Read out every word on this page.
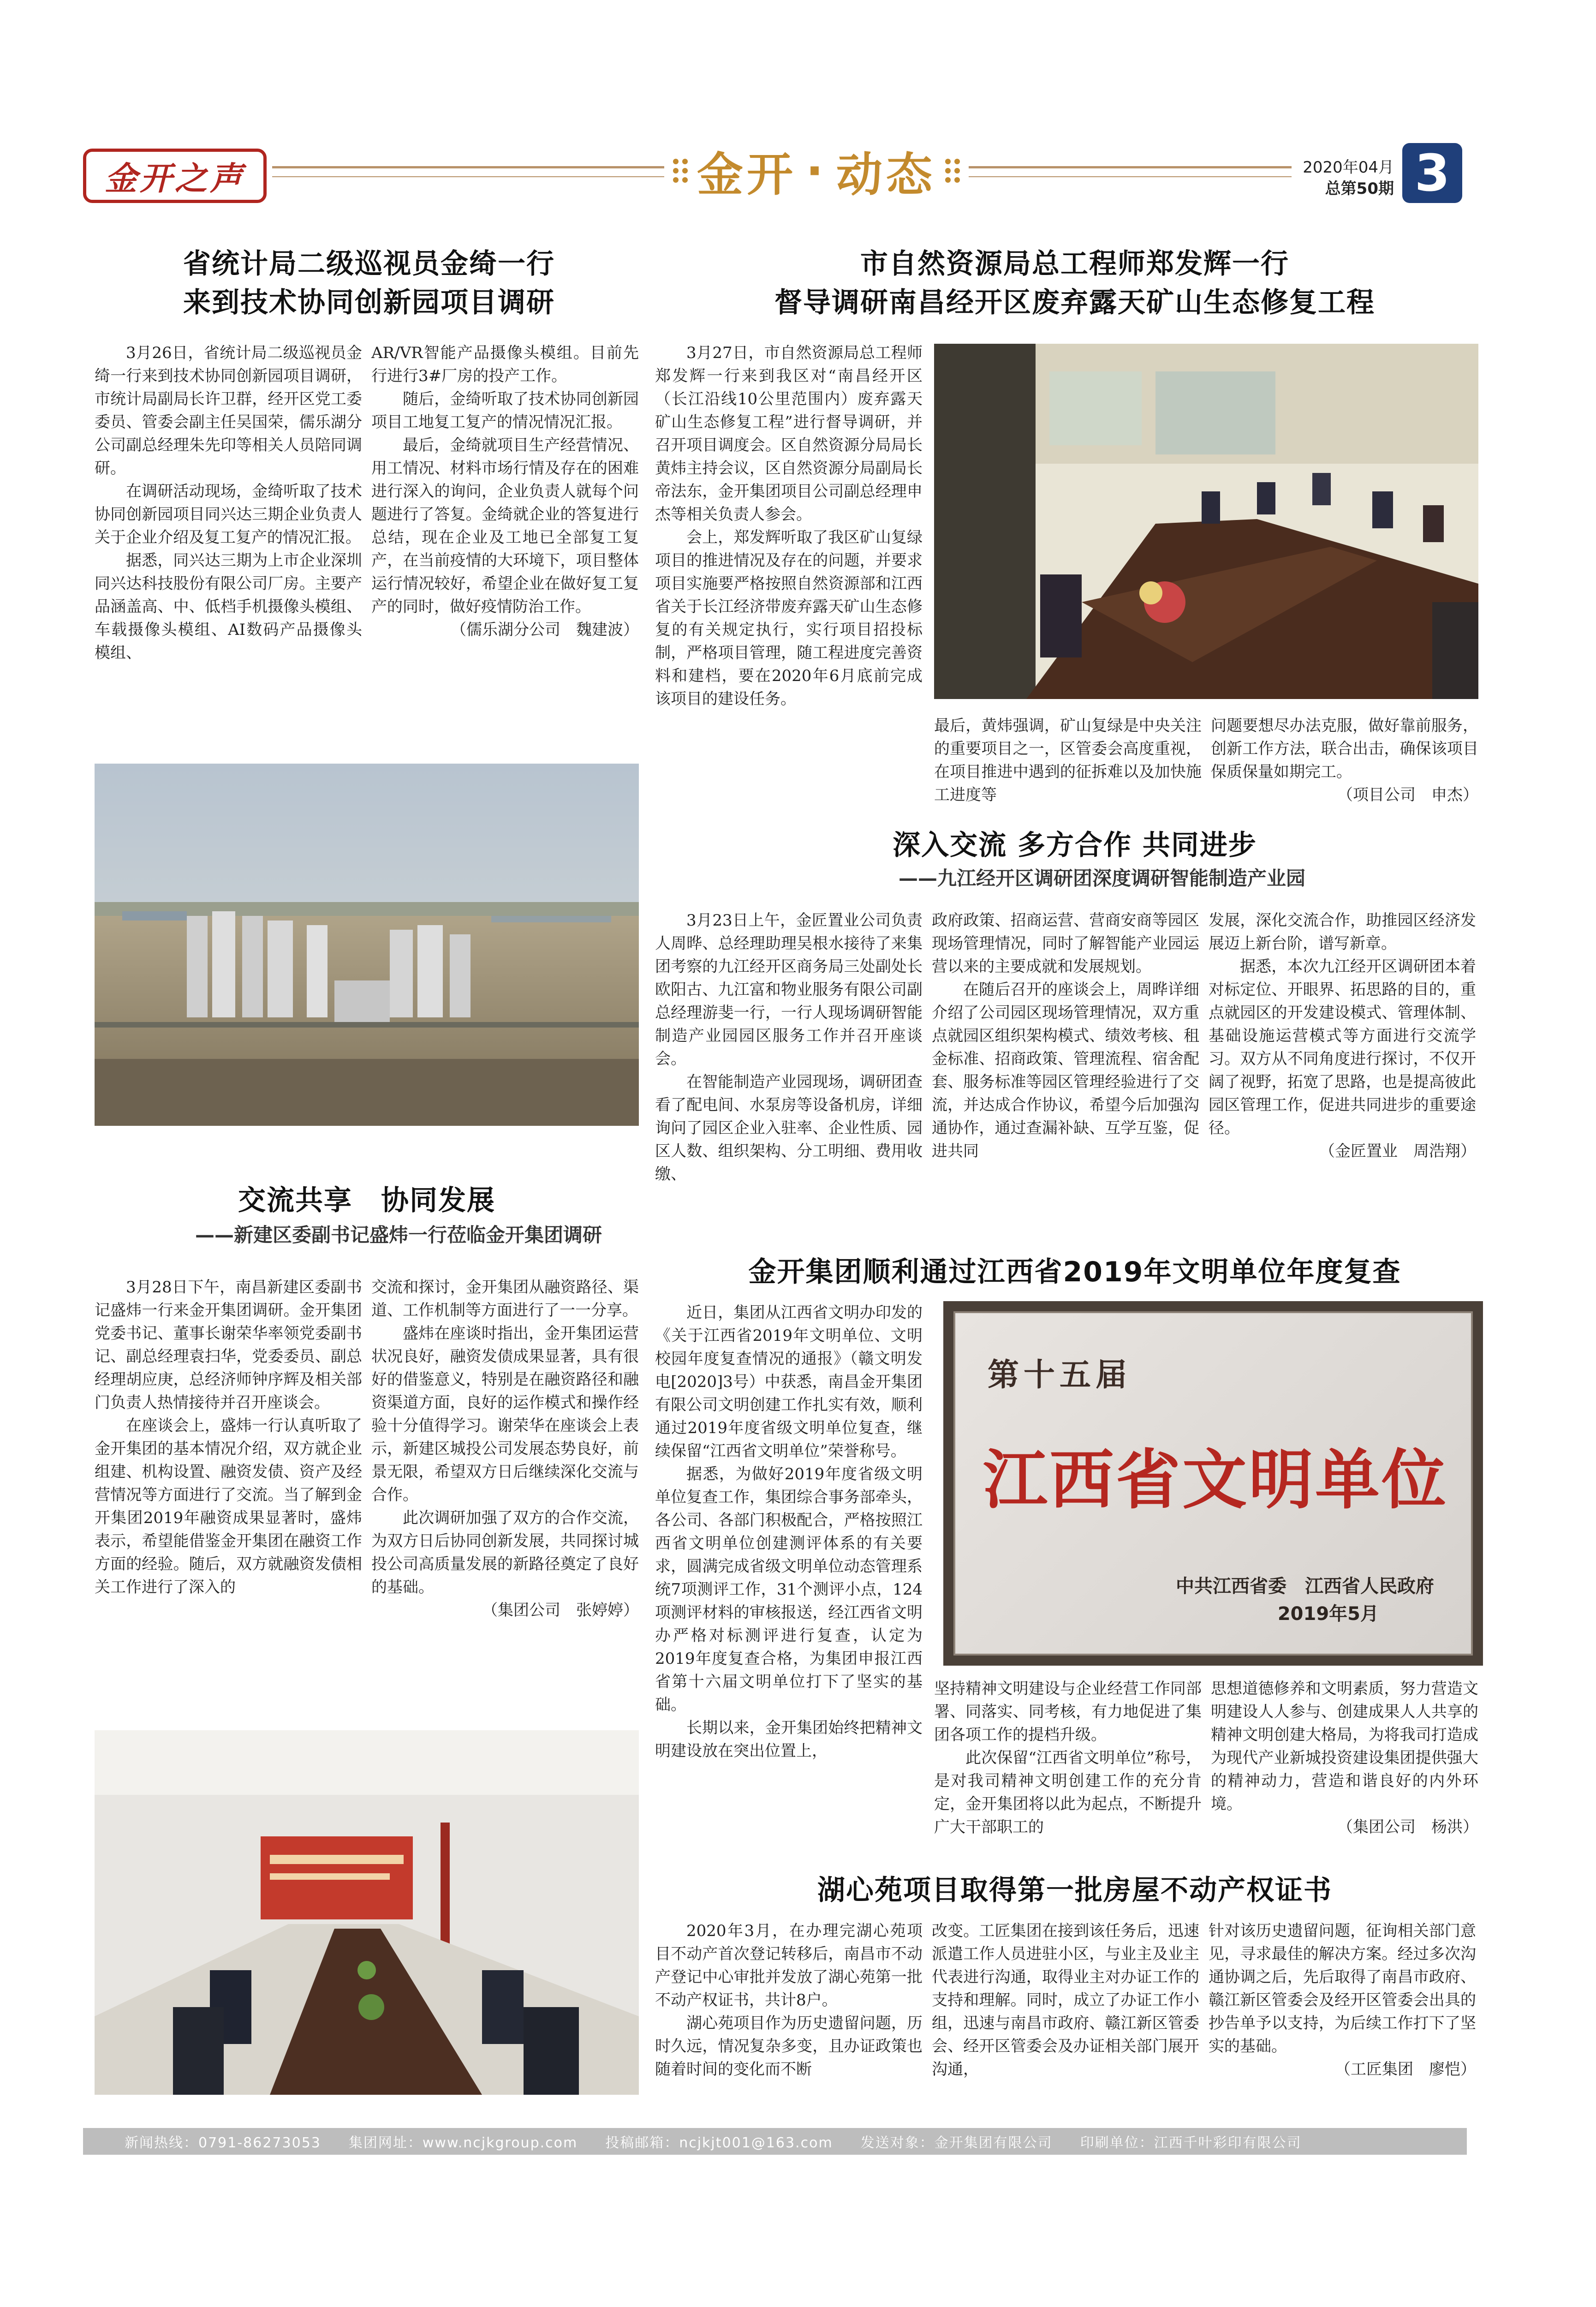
金开之声	金开 · 动态	2020年04月
总第50期 3
省统计局二级巡视员金绮一行
来到技术协同创新园项目调研

3月26日，省统计局二级巡视员金绮一行来到技术协同创新园项目调研，市统计局副局长许卫群，经开区党工委委员、管委会副主任吴国荣，儒乐湖分公司副总经理朱先印等相关人员陪同调研。

在调研活动现场，金绮听取了技术协同创新园项目同兴达三期企业负责人关于企业介绍及复工复产的情况汇报。

据悉，同兴达三期为上市企业深圳同兴达科技股份有限公司厂房。主要产品涵盖高、中、低档手机摄像头模组、车载摄像头模组、AI数码产品摄像头模组、

AR/VR智能产品摄像头模组。目前先行进行3#厂房的投产工作。

随后，金绮听取了技术协同创新园项目工地复工复产的情况情况汇报。

最后，金绮就项目生产经营情况、用工情况、材料市场行情及存在的困难进行深入的询问，企业负责人就每个问题进行了答复。金绮就企业的答复进行总结，现在企业及工地已全部复工复产，在当前疫情的大环境下，项目整体运行情况较好，希望企业在做好复工复产的同时，做好疫情防治工作。

（儒乐湖分公司　魏建波）

市自然资源局总工程师郑发辉一行
督导调研南昌经开区废弃露天矿山生态修复工程

3月27日，市自然资源局总工程师郑发辉一行来到我区对“南昌经开区（长江沿线10公里范围内）废弃露天矿山生态修复工程”进行督导调研，并召开项目调度会。区自然资源分局局长黄炜主持会议，区自然资源分局副局长帝法东，金开集团项目公司副总经理申杰等相关负责人参会。

会上，郑发辉听取了我区矿山复绿项目的推进情况及存在的问题，并要求项目实施要严格按照自然资源部和江西省关于长江经济带废弃露天矿山生态修复的有关规定执行，实行项目招投标制，严格项目管理，随工程进度完善资料和建档，要在2020年6月底前完成该项目的建设任务。

最后，黄炜强调，矿山复绿是中央关注的重要项目之一，区管委会高度重视，在项目推进中遇到的征拆难以及加快施工进度等

问题要想尽办法克服，做好靠前服务，创新工作方法，联合出击，确保该项目保质保量如期完工。

（项目公司　申杰）

深入交流 多方合作 共同进步
——九江经开区调研团深度调研智能制造产业园

3月23日上午，金匠置业公司负责人周晔、总经理助理吴根水接待了来集团考察的九江经开区商务局三处副处长欧阳古、九江富和物业服务有限公司副总经理游斐一行，一行人现场调研智能制造产业园园区服务工作并召开座谈会。

在智能制造产业园现场，调研团查看了配电间、水泵房等设备机房，详细询问了园区企业入驻率、企业性质、园区人数、组织架构、分工明细、费用收缴、

政府政策、招商运营、营商安商等园区现场管理情况，同时了解智能产业园运营以来的主要成就和发展规划。

在随后召开的座谈会上，周晔详细介绍了公司园区现场管理情况，双方重点就园区组织架构模式、绩效考核、租金标准、招商政策、管理流程、宿舍配套、服务标准等园区管理经验进行了交流，并达成合作协议，希望今后加强沟通协作，通过查漏补缺、互学互鉴，促进共同

发展，深化交流合作，助推园区经济发展迈上新台阶，谱写新章。

据悉，本次九江经开区调研团本着对标定位、开眼界、拓思路的目的，重点就园区的开发建设模式、管理体制、基础设施运营模式等方面进行交流学习。双方从不同角度进行探讨，不仅开阔了视野，拓宽了思路，也是提高彼此园区管理工作，促进共同进步的重要途径。

（金匠置业　周浩翔）

交流共享　协同发展
——新建区委副书记盛炜一行莅临金开集团调研

3月28日下午，南昌新建区委副书记盛炜一行来金开集团调研。金开集团党委书记、董事长谢荣华率领党委副书记、副总经理袁扫华，党委委员、副总经理胡应庚，总经济师钟序辉及相关部门负责人热情接待并召开座谈会。

在座谈会上，盛炜一行认真听取了金开集团的基本情况介绍，双方就企业组建、机构设置、融资发债、资产及经营情况等方面进行了交流。当了解到金开集团2019年融资成果显著时，盛炜表示，希望能借鉴金开集团在融资工作方面的经验。随后，双方就融资发债相关工作进行了深入的

交流和探讨，金开集团从融资路径、渠道、工作机制等方面进行了一一分享。

盛炜在座谈时指出，金开集团运营状况良好，融资发债成果显著，具有很好的借鉴意义，特别是在融资路径和融资渠道方面，良好的运作模式和操作经验十分值得学习。谢荣华在座谈会上表示，新建区城投公司发展态势良好，前景无限，希望双方日后继续深化交流与合作。

此次调研加强了双方的合作交流，为双方日后协同创新发展，共同探讨城投公司高质量发展的新路径奠定了良好的基础。

（集团公司　张婷婷）

金开集团顺利通过江西省2019年文明单位年度复查

近日，集团从江西省文明办印发的《关于江西省2019年文明单位、文明校园年度复查情况的通报》（赣文明发电[2020]3号）中获悉，南昌金开集团有限公司文明创建工作扎实有效，顺利通过2019年度省级文明单位复查，继续保留“江西省文明单位”荣誉称号。

据悉，为做好2019年度省级文明单位复查工作，集团综合事务部牵头，各公司、各部门积极配合，严格按照江西省文明单位创建测评体系的有关要求，圆满完成省级文明单位动态管理系统7项测评工作，31个测评小点，124项测评材料的审核报送，经江西省文明办严格对标测评进行复查，认定为2019年度复查合格，为集团申报江西省第十六届文明单位打下了坚实的基础。

长期以来，金开集团始终把精神文明建设放在突出位置上，

第十五届
江西省文明单位
中共江西省委　江西省人民政府
2019年5月

坚持精神文明建设与企业经营工作同部署、同落实、同考核，有力地促进了集团各项工作的提档升级。

此次保留“江西省文明单位”称号，是对我司精神文明创建工作的充分肯定，金开集团将以此为起点，不断提升广大干部职工的

思想道德修养和文明素质，努力营造文明建设人人参与、创建成果人人共享的精神文明创建大格局，为将我司打造成为现代产业新城投资建设集团提供强大的精神动力，营造和谐良好的内外环境。

（集团公司　杨洪）

湖心苑项目取得第一批房屋不动产权证书

2020年3月，在办理完湖心苑项目不动产首次登记转移后，南昌市不动产登记中心审批并发放了湖心苑第一批不动产权证书，共计8户。

湖心苑项目作为历史遗留问题，历时久远，情况复杂多变，且办证政策也随着时间的变化而不断

改变。工匠集团在接到该任务后，迅速派遣工作人员进驻小区，与业主及业主代表进行沟通，取得业主对办证工作的支持和理解。同时，成立了办证工作小组，迅速与南昌市政府、赣江新区管委会、经开区管委会及办证相关部门展开沟通，

针对该历史遗留问题，征询相关部门意见，寻求最佳的解决方案。经过多次沟通协调之后，先后取得了南昌市政府、赣江新区管委会及经开区管委会出具的抄告单予以支持，为后续工作打下了坚实的基础。

（工匠集团　廖恺）

新闻热线：0791-86273053 集团网址：www.ncjkgroup.com 投稿邮箱：ncjkjt001@163.com 发送对象：金开集团有限公司 印刷单位：江西千叶彩印有限公司
